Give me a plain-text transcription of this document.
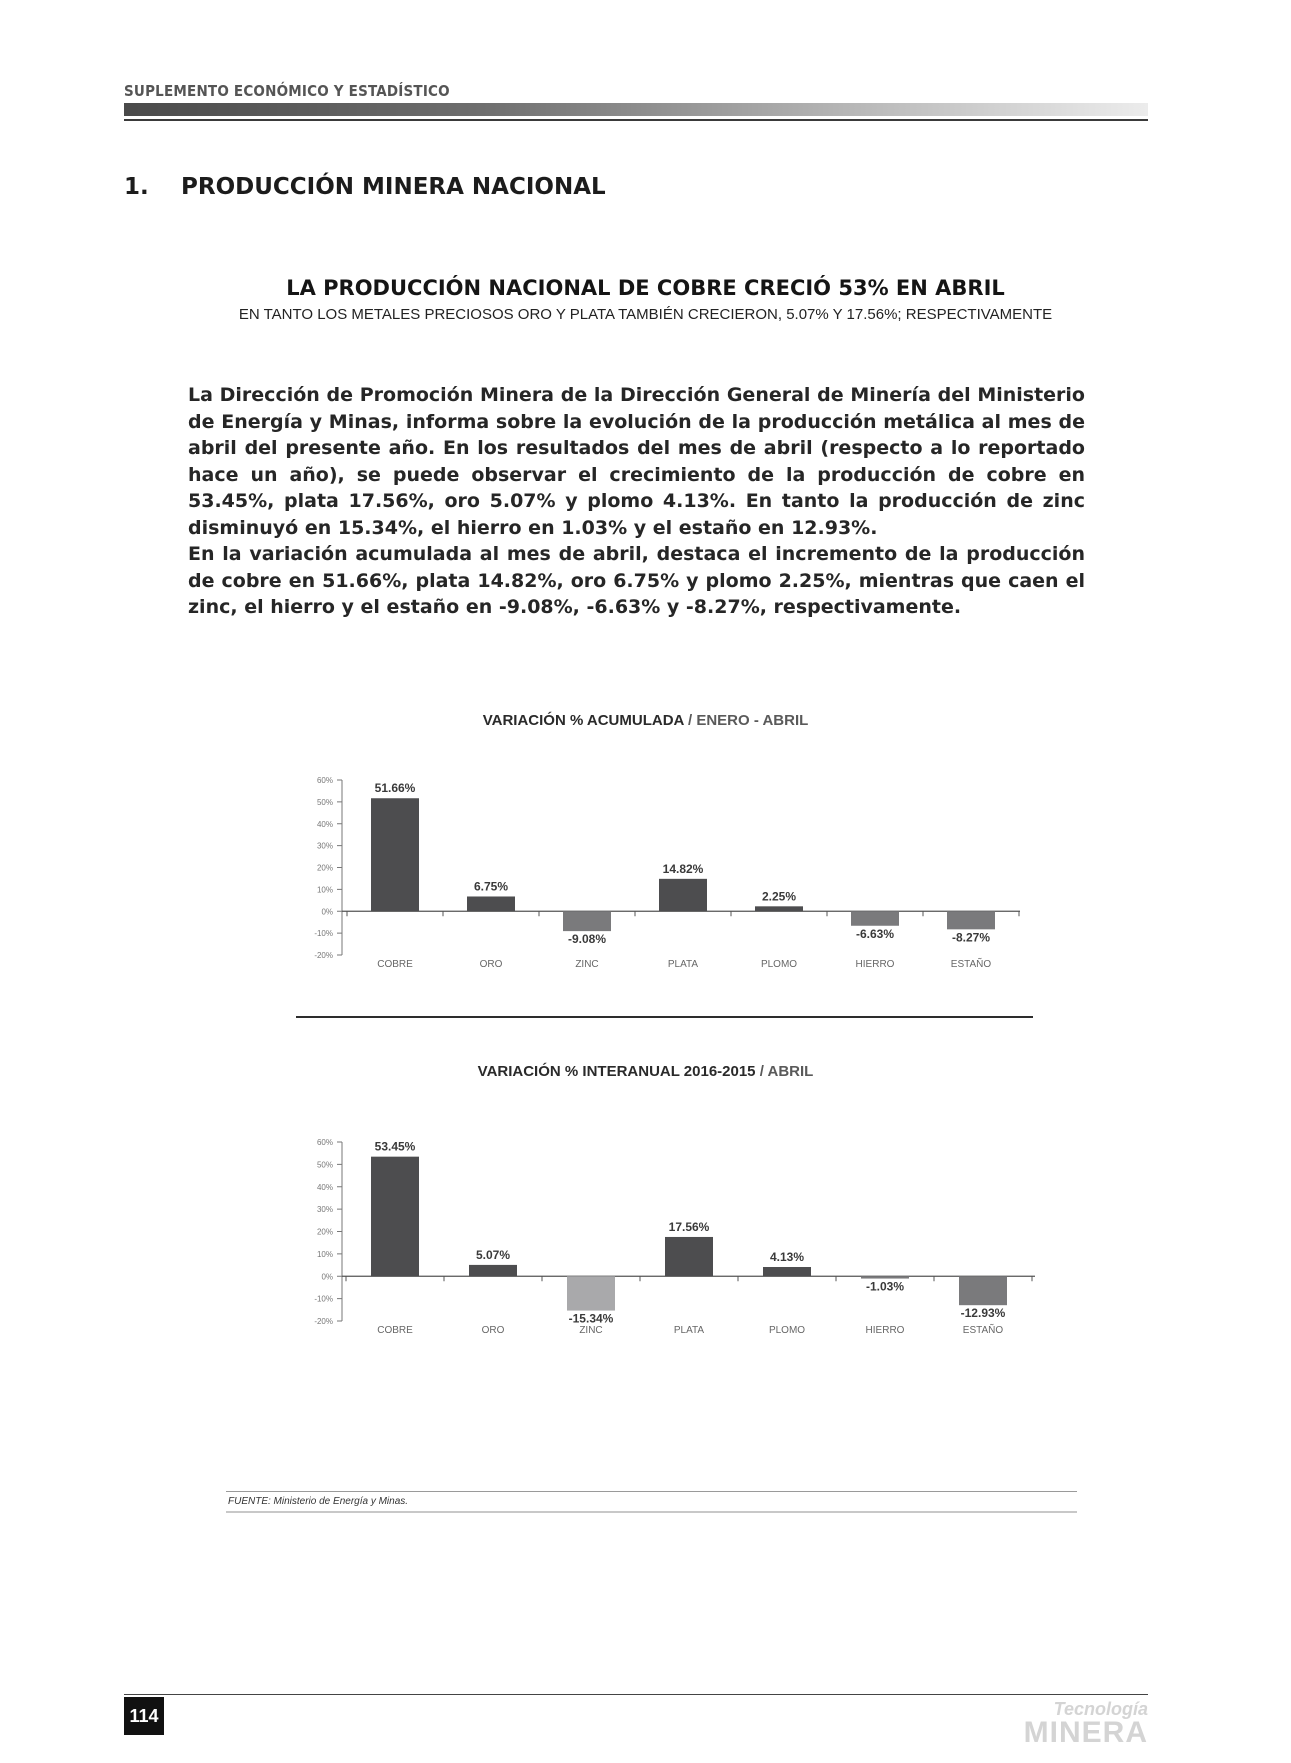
SUPLEMENTO ECONÓMICO Y ESTADÍSTICO
1. PRODUCCIÓN MINERA NACIONAL
LA PRODUCCIÓN NACIONAL DE COBRE CRECIÓ 53% EN ABRIL
EN TANTO LOS METALES PRECIOSOS ORO Y PLATA TAMBIÉN CRECIERON, 5.07% Y 17.56%; RESPECTIVAMENTE

La Dirección de Promoción Minera de la Dirección General de Minería del Ministerio de Energía y Minas, informa sobre la evolución de la producción metálica al mes de abril del presente año. En los resultados del mes de abril (respecto a lo reportado hace un año), se puede observar el crecimiento de la producción de cobre en 53.45%, plata 17.56%, oro 5.07% y plomo 4.13%. En tanto la producción de zinc disminuyó en 15.34%, el hierro en 1.03% y el estaño en 12.93%.

En la variación acumulada al mes de abril, destaca el incremento de la producción de cobre en 51.66%, plata 14.82%, oro 6.75% y plomo 2.25%, mientras que caen el zinc, el hierro y el estaño en -9.08%, -6.63% y -8.27%, respectivamente.

VARIACIÓN % ACUMULADA / ENERO - ABRIL
60%
50%
40%
30%
20%
10%
0%
-10%
-20%
51.66%
COBRE
6.75%
ORO
-9.08%
ZINC
14.82%
PLATA
2.25%
PLOMO
-6.63%
HIERRO
-8.27%
ESTAÑO
VARIACIÓN % INTERANUAL 2016-2015 / ABRIL
60%
50%
40%
30%
20%
10%
0%
-10%
-20%
53.45%
COBRE
5.07%
ORO
-15.34%
ZINC
17.56%
PLATA
4.13%
PLOMO
-1.03%
HIERRO
-12.93%
ESTAÑO
FUENTE: Ministerio de Energía y Minas.
114	Tecnología
MINERA
